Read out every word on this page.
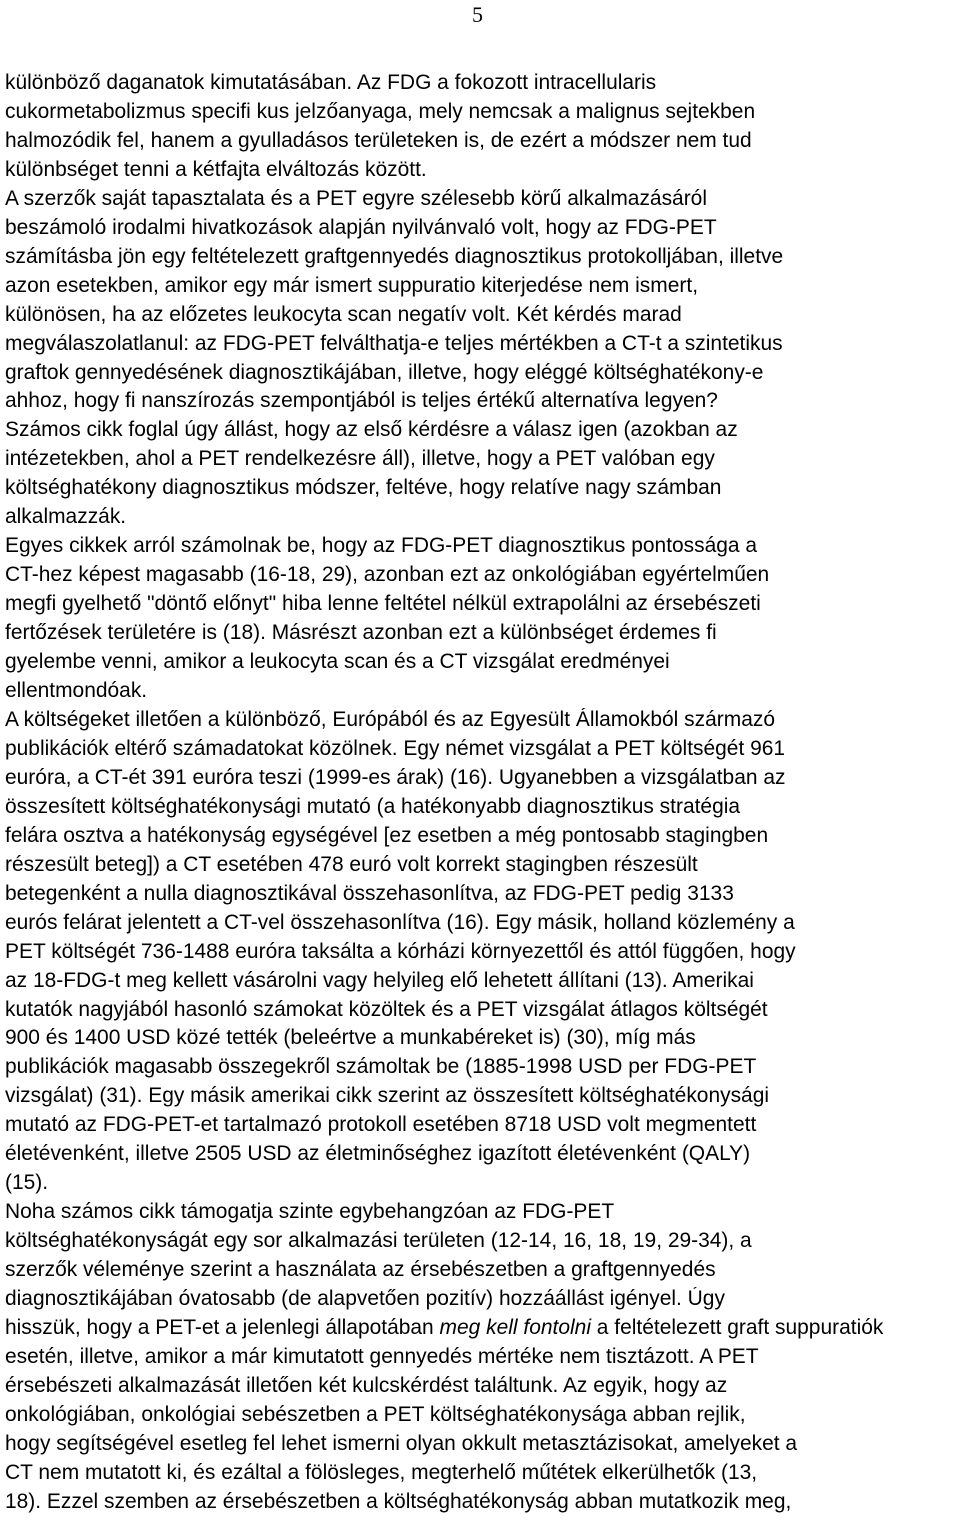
5

különböző daganatok kimutatásában. Az FDG a fokozott intracellularis

cukormetabolizmus specifi kus jelzőanyaga, mely nemcsak a malignus sejtekben

halmozódik fel, hanem a gyulladásos területeken is, de ezért a módszer nem tud

különbséget tenni a kétfajta elváltozás között.

A szerzők saját tapasztalata és a PET egyre szélesebb körű alkalmazásáról

beszámoló irodalmi hivatkozások alapján nyilvánvaló volt, hogy az FDG-PET

számításba jön egy feltételezett graftgennyedés diagnosztikus protokolljában, illetve

azon esetekben, amikor egy már ismert suppuratio kiterjedése nem ismert,

különösen, ha az előzetes leukocyta scan negatív volt. Két kérdés marad

megválaszolatlanul: az FDG-PET felválthatja-e teljes mértékben a CT-t a szintetikus

graftok gennyedésének diagnosztikájában, illetve, hogy eléggé költséghatékony-e

ahhoz, hogy fi nanszírozás szempontjából is teljes értékű alternatíva legyen?

Számos cikk foglal úgy állást, hogy az első kérdésre a válasz igen (azokban az

intézetekben, ahol a PET rendelkezésre áll), illetve, hogy a PET valóban egy

költséghatékony diagnosztikus módszer, feltéve, hogy relatíve nagy számban

alkalmazzák.

Egyes cikkek arról számolnak be, hogy az FDG-PET diagnosztikus pontossága a

CT-hez képest magasabb (16-18, 29), azonban ezt az onkológiában egyértelműen

megfi gyelhető "döntő előnyt" hiba lenne feltétel nélkül extrapolálni az érsebészeti

fertőzések területére is (18). Másrészt azonban ezt a különbséget érdemes fi

gyelembe venni, amikor a leukocyta scan és a CT vizsgálat eredményei

ellentmondóak.

A költségeket illetően a különböző, Európából és az Egyesült Államokból származó

publikációk eltérő számadatokat közölnek. Egy német vizsgálat a PET költségét 961

euróra, a CT-ét 391 euróra teszi (1999-es árak) (16). Ugyanebben a vizsgálatban az

összesített költséghatékonysági mutató (a hatékonyabb diagnosztikus stratégia

felára osztva a hatékonyság egységével [ez esetben a még pontosabb stagingben

részesült beteg]) a CT esetében 478 euró volt korrekt stagingben részesült

betegenként a nulla diagnosztikával összehasonlítva, az FDG-PET pedig 3133

eurós felárat jelentett a CT-vel összehasonlítva (16). Egy másik, holland közlemény a

PET költségét 736-1488 euróra taksálta a kórházi környezettől és attól függően, hogy

az 18-FDG-t meg kellett vásárolni vagy helyileg elő lehetett állítani (13). Amerikai

kutatók nagyjából hasonló számokat közöltek és a PET vizsgálat átlagos költségét

900 és 1400 USD közé tették (beleértve a munkabéreket is) (30), míg más

publikációk magasabb összegekről számoltak be (1885-1998 USD per FDG-PET

vizsgálat) (31). Egy másik amerikai cikk szerint az összesített költséghatékonysági

mutató az FDG-PET-et tartalmazó protokoll esetében 8718 USD volt megmentett

életévenként, illetve 2505 USD az életminőséghez igazított életévenként (QALY)

(15).

Noha számos cikk támogatja szinte egybehangzóan az FDG-PET

költséghatékonyságát egy sor alkalmazási területen (12-14, 16, 18, 19, 29-34), a

szerzők véleménye szerint a használata az érsebészetben a graftgennyedés

diagnosztikájában óvatosabb (de alapvetően pozitív) hozzáállást igényel. Úgy

hisszük, hogy a PET-et a jelenlegi állapotában meg kell fontolni a feltételezett graft suppuratiók

esetén, illetve, amikor a már kimutatott gennyedés mértéke nem tisztázott. A PET

érsebészeti alkalmazását illetően két kulcskérdést találtunk. Az egyik, hogy az

onkológiában, onkológiai sebészetben a PET költséghatékonysága abban rejlik,

hogy segítségével esetleg fel lehet ismerni olyan okkult metasztázisokat, amelyeket a

CT nem mutatott ki, és ezáltal a fölösleges, megterhelő műtétek elkerülhetők (13,

18). Ezzel szemben az érsebészetben a költséghatékonyság abban mutatkozik meg,
